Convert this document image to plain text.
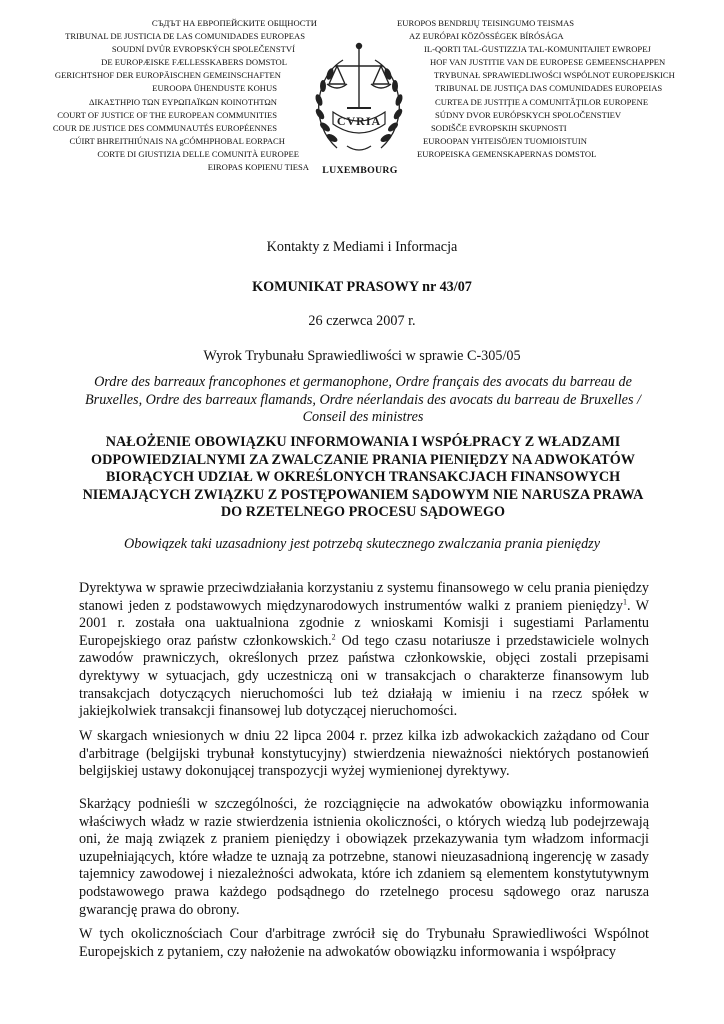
СЪДЪТ НА ЕВРОПЕЙСКИТЕ ОБЩНОСТИ
TRIBUNAL DE JUSTICIA DE LAS COMUNIDADES EUROPEAS
SOUDNÍ DVŮR EVROPSKÝCH SPOLEČENSTVÍ
DE EUROPÆISKE FÆLLESSKABERS DOMSTOL
GERICHTSHOF DER EUROPÄISCHEN GEMEINSCHAFTEN
EUROOPA ÜHENDUSTE KOHUS
ΔΙΚΑΣΤΗΡΙΟ ΤΩΝ ΕΥΡΩΠΑΪΚΩΝ ΚΟΙΝΟΤΗΤΩΝ
COURT OF JUSTICE OF THE EUROPEAN COMMUNITIES
COUR DE JUSTICE DES COMMUNAUTÉS EUROPÉENNES
CÚIRT BHREITHIÚNAIS NA gCÓMHPHOBAL EORPACH
CORTE DI GIUSTIZIA DELLE COMUNITÀ EUROPEE
EIROPAS KOPIENU TIESA
CVRIA
LUXEMBOURG
EUROPOS BENDRIJŲ TEISINGUMO TEISMAS
AZ EURÓPAI KÖZÖSSÉGEK BÍRÓSÁGA
IL-QORTI TAL-ĠUSTIZZJA TAL-KOMUNITAJIET EWROPEJ
HOF VAN JUSTITIE VAN DE EUROPESE GEMEENSCHAPPEN
TRYBUNAŁ SPRAWIEDLIWOŚCI WSPÓLNOT EUROPEJSKICH
TRIBUNAL DE JUSTIÇA DAS COMUNIDADES EUROPEIAS
CURTEA DE JUSTIŢIE A COMUNITĂŢILOR EUROPENE
SÚDNY DVOR EURÓPSKYCH SPOLOČENSTIEV
SODIŠČE EVROPSKIH SKUPNOSTI
EUROOPAN YHTEISÖJEN TUOMIOISTUIN
EUROPEISKA GEMENSKAPERNAS DOMSTOL
Kontakty z Mediami i Informacja
KOMUNIKAT PRASOWY nr 43/07
26 czerwca 2007 r.
Wyrok Trybunału Sprawiedliwości w sprawie C-305/05
Ordre des barreaux francophones et germanophone, Ordre français des avocats du barreau de Bruxelles, Ordre des barreaux flamands, Ordre néerlandais des avocats du barreau de Bruxelles / Conseil des ministres
NAŁOŻENIE OBOWIĄZKU INFORMOWANIA I WSPÓŁPRACY Z WŁADZAMI ODPOWIEDZIALNYMI ZA ZWALCZANIE PRANIA PIENIĘDZY NA ADWOKATÓW BIORĄCYCH UDZIAŁ W OKREŚLONYCH TRANSAKCJACH FINANSOWYCH NIEMAJĄCYCH ZWIĄZKU Z POSTĘPOWANIEM SĄDOWYM NIE NARUSZA PRAWA DO RZETELNEGO PROCESU SĄDOWEGO
Obowiązek taki uzasadniony jest potrzebą skutecznego zwalczania prania pieniędzy
Dyrektywa w sprawie przeciwdziałania korzystaniu z systemu finansowego w celu prania pieniędzy stanowi jeden z podstawowych międzynarodowych instrumentów walki z praniem pieniędzy$^1$. W 2001 r. została ona uaktualniona zgodnie z wnioskami Komisji i sugestiami Parlamentu Europejskiego oraz państw członkowskich.$^2$ Od tego czasu notariusze i przedstawiciele wolnych zawodów prawniczych, określonych przez państwa członkowskie, objęci zostali przepisami dyrektywy w sytuacjach, gdy uczestniczą oni w transakcjach o charakterze finansowym lub transakcjach dotyczących nieruchomości lub też działają w imieniu i na rzecz spółek w jakiejkolwiek transakcji finansowej lub dotyczącej nieruchomości.
W skargach wniesionych w dniu 22 lipca 2004 r. przez kilka izb adwokackich zażądano od Cour d'arbitrage (belgijski trybunał konstytucyjny) stwierdzenia nieważności niektórych postanowień belgijskiej ustawy dokonującej transpozycji wyżej wymienionej dyrektywy.
Skarżący podnieśli w szczególności, że rozciągnięcie na adwokatów obowiązku informowania właściwych władz w razie stwierdzenia istnienia okoliczności, o których wiedzą lub podejrzewają oni, że mają związek z praniem pieniędzy i obowiązek przekazywania tym władzom informacji uzupełniających, które władze te uznają za potrzebne, stanowi nieuzasadnioną ingerencję w zasady tajemnicy zawodowej i niezależności adwokata, które ich zdaniem są elementem konstytutywnym podstawowego prawa każdego podsądnego do rzetelnego procesu sądowego oraz narusza gwarancję prawa do obrony.
W tych okolicznościach Cour d'arbitrage zwrócił się do Trybunału Sprawiedliwości Wspólnot Europejskich z pytaniem, czy nałożenie na adwokatów obowiązku informowania i współpracy
